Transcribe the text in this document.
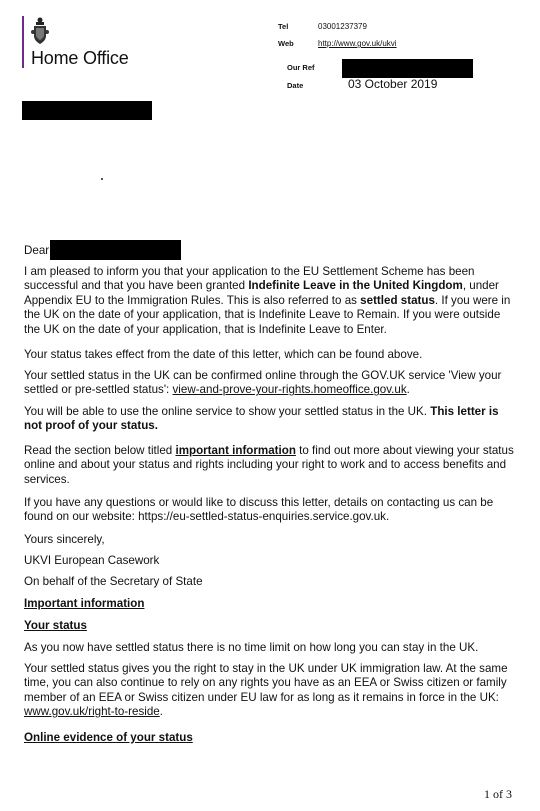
Home Office
Tel	03001237379
Web	http://www.gov.uk/ukvi
Our Ref
Date	03 October 2019
Dear

I am pleased to inform you that your application to the EU Settlement Scheme has been successful and that you have been granted Indefinite Leave in the United Kingdom, under Appendix EU to the Immigration Rules. This is also referred to as settled status. If you were in the UK on the date of your application, that is Indefinite Leave to Remain. If you were outside the UK on the date of your application, that is Indefinite Leave to Enter.

Your status takes effect from the date of this letter, which can be found above.

Your settled status in the UK can be confirmed online through the GOV.UK service 'View your settled or pre-settled status': view-and-prove-your-rights.homeoffice.gov.uk.

You will be able to use the online service to show your settled status in the UK. This letter is not proof of your status.

Read the section below titled important information to find out more about viewing your status online and about your status and rights including your right to work and to access benefits and services.

If you have any questions or would like to discuss this letter, details on contacting us can be found on our website: https://eu-settled-status-enquiries.service.gov.uk.

Yours sincerely,
UKVI European Casework
On behalf of the Secretary of State
Important information
Your status

As you now have settled status there is no time limit on how long you can stay in the UK.

Your settled status gives you the right to stay in the UK under UK immigration law. At the same time, you can also continue to rely on any rights you have as an EEA or Swiss citizen or family member of an EEA or Swiss citizen under EU law for as long as it remains in force in the UK: www.gov.uk/right-to-reside.

Online evidence of your status
1 of 3
